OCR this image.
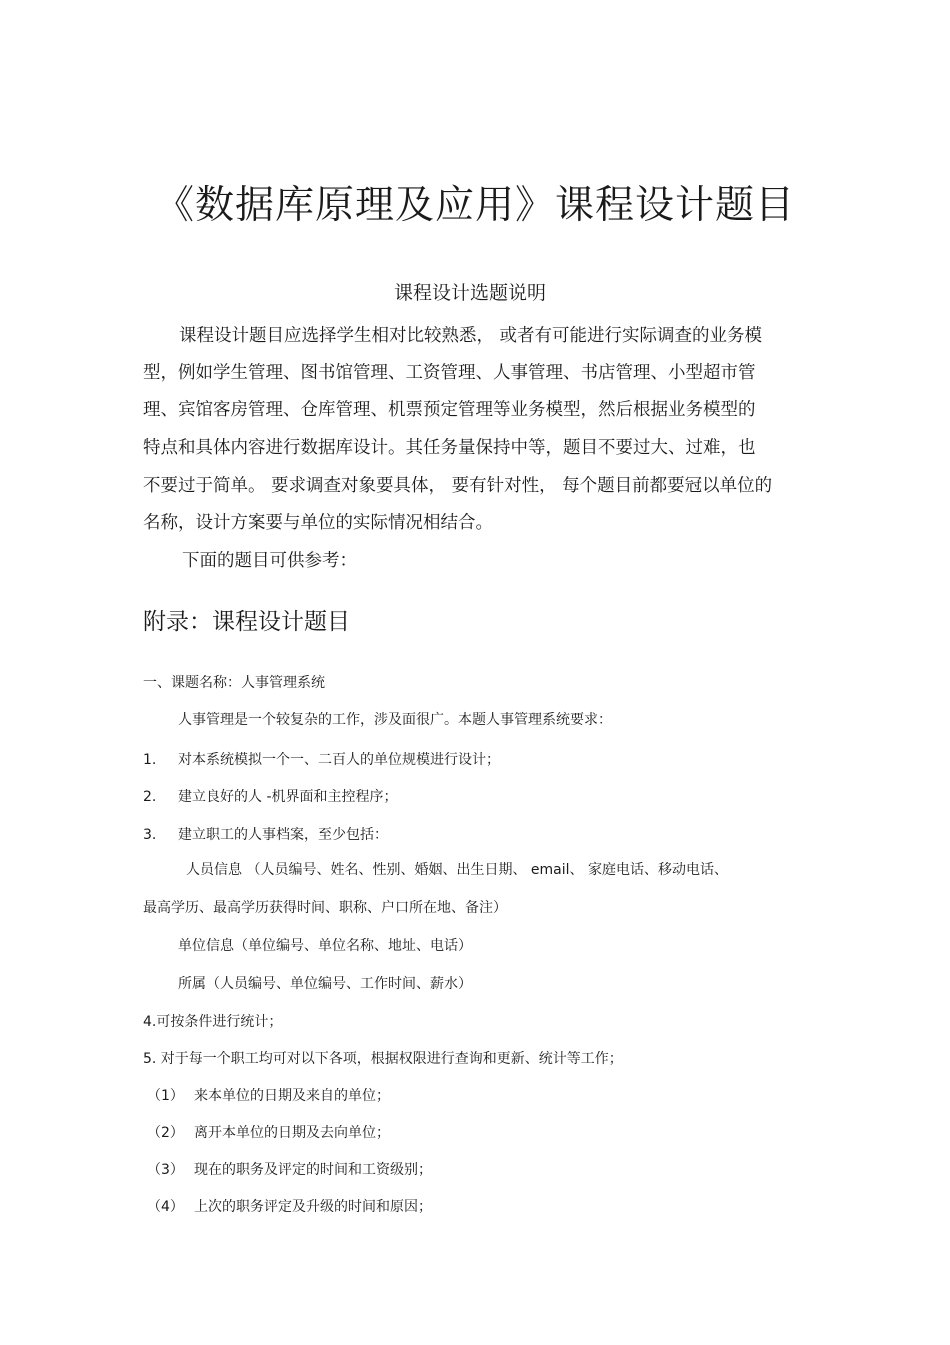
《数据库原理及应用》课程设计题目
课程设计选题说明
课程设计题目应选择学生相对比较熟悉， 或者有可能进行实际调查的业务模
型，例如学生管理、图书馆管理、工资管理、人事管理、书店管理、小型超市管
理、宾馆客房管理、仓库管理、机票预定管理等业务模型，然后根据业务模型的
特点和具体内容进行数据库设计。其任务量保持中等，题目不要过大、过难，也
不要过于简单。 要求调查对象要具体， 要有针对性， 每个题目前都要冠以单位的
名称，设计方案要与单位的实际情况相结合。
下面的题目可供参考：
附录：课程设计题目
一、课题名称：人事管理系统
人事管理是一个较复杂的工作，涉及面很广。本题人事管理系统要求：
1. 对本系统模拟一个一、二百人的单位规模进行设计；
2. 建立良好的人 -机界面和主控程序；
3. 建立职工的人事档案，至少包括：
人员信息 （人员编号、姓名、性别、婚姻、出生日期、 email、 家庭电话、移动电话、
最高学历、最高学历获得时间、职称、户口所在地、备注）
单位信息（单位编号、单位名称、地址、电话）
所属（人员编号、单位编号、工作时间、薪水）
4.可按条件进行统计；
5. 对于每一个职工均可对以下各项，根据权限进行查询和更新、统计等工作；
（1） 来本单位的日期及来自的单位；
（2） 离开本单位的日期及去向单位；
（3） 现在的职务及评定的时间和工资级别；
（4） 上次的职务评定及升级的时间和原因；
